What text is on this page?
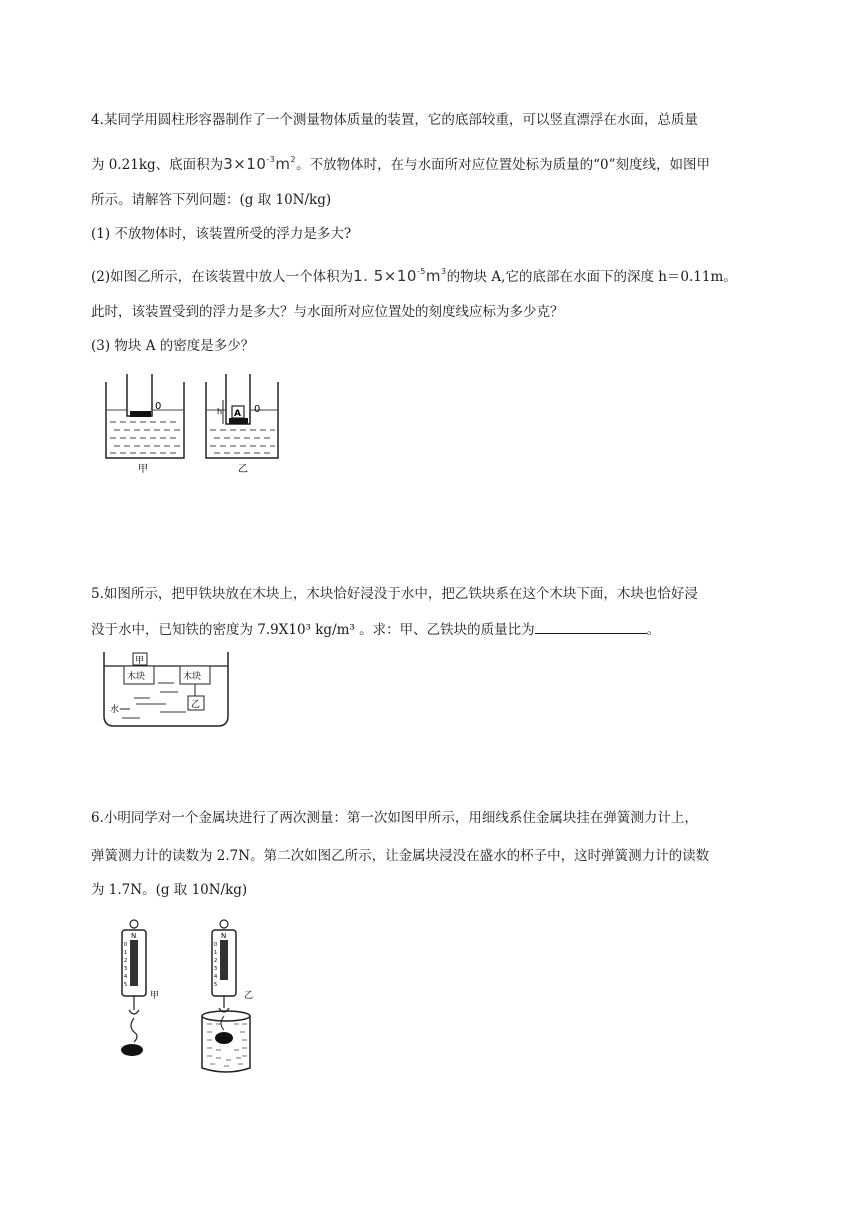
4.某同学用圆柱形容器制作了一个测量物体质量的装置，它的底部较重，可以竖直漂浮在水面，总质量
为 0.21kg、底面积为$3\times 10^{-3}m^2$。不放物体时，在与水面所对应位置处标为质量的“0”刻度线，如图甲
所示。请解答下列问题：(g 取 10N/kg)
(1) 不放物体时，该装置所受的浮力是多大?
(2)如图乙所示，在该装置中放人一个体积为1. $5\times 10^{-5}m^3$的物块 A,它的底部在水面下的深度 h＝0.11m。
此时，该装置受到的浮力是多大？与水面所对应位置处的刻度线应标为多少克？
(3) 物块 A 的密度是多少？
0
甲
A
h	0
乙
5.如图所示，把甲铁块放在木块上，木块恰好浸没于水中，把乙铁块系在这个木块下面，木块也恰好浸
没于水中，已知铁的密度为 7.9X10³ kg/m³ 。求：甲、乙铁块的质量比为	。
甲
木块	木块
乙
水
6.小明同学对一个金属块进行了两次测量：第一次如图甲所示，用细线系住金属块挂在弹簧测力计上，
弹簧测力计的读数为 2.7N。第二次如图乙所示，让金属块浸没在盛水的杯子中，这时弹簧测力计的读数
为 1.7N。(g 取 10N/kg)
N
0
1
2
3
4
5
甲
N
0
1
2
3
4
5
乙
